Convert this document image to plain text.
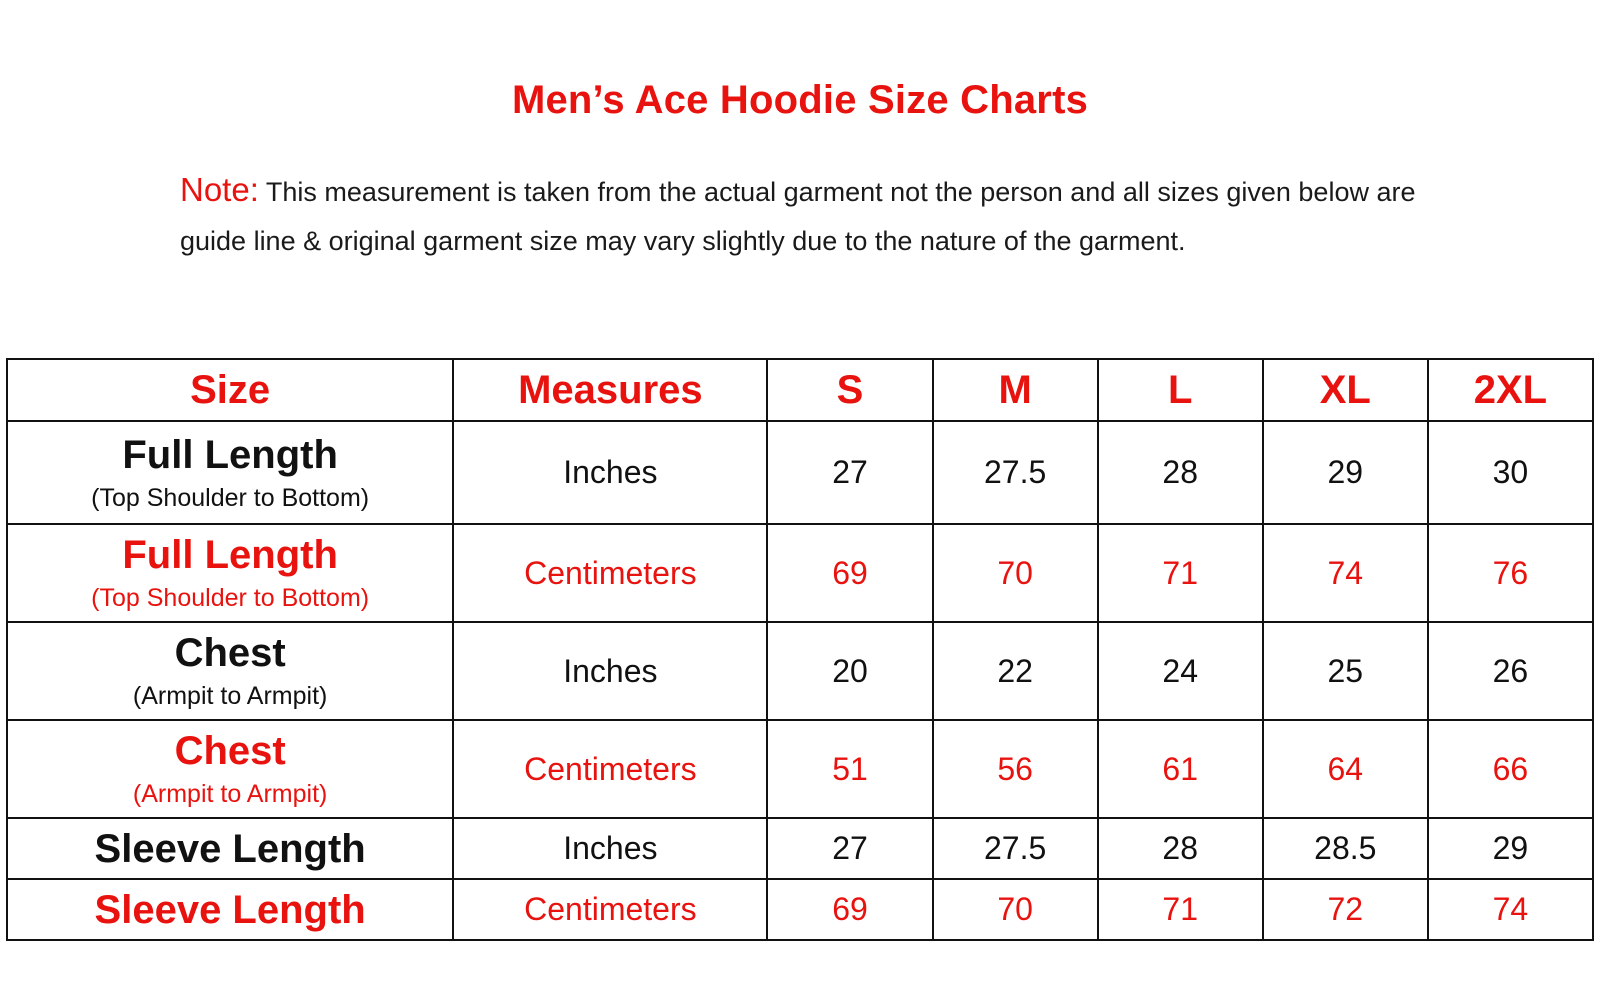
Men’s Ace Hoodie Size Charts
Note: This measurement is taken from the actual garment not the person and all sizes given below are guide line & original garment size may vary slightly due to the nature of the garment.
Size	Measures	S	M	L	XL	2XL

Full Length
(Top Shoulder to Bottom)	Inches	27	27.5	28	29	30

Full Length
(Top Shoulder to Bottom)	Centimeters	69	70	71	74	76

Chest
(Armpit to Armpit)	Inches	20	22	24	25	26

Chest
(Armpit to Armpit)	Centimeters	51	56	61	64	66

Sleeve Length	Inches	27	27.5	28	28.5	29

Sleeve Length	Centimeters	69	70	71	72	74
